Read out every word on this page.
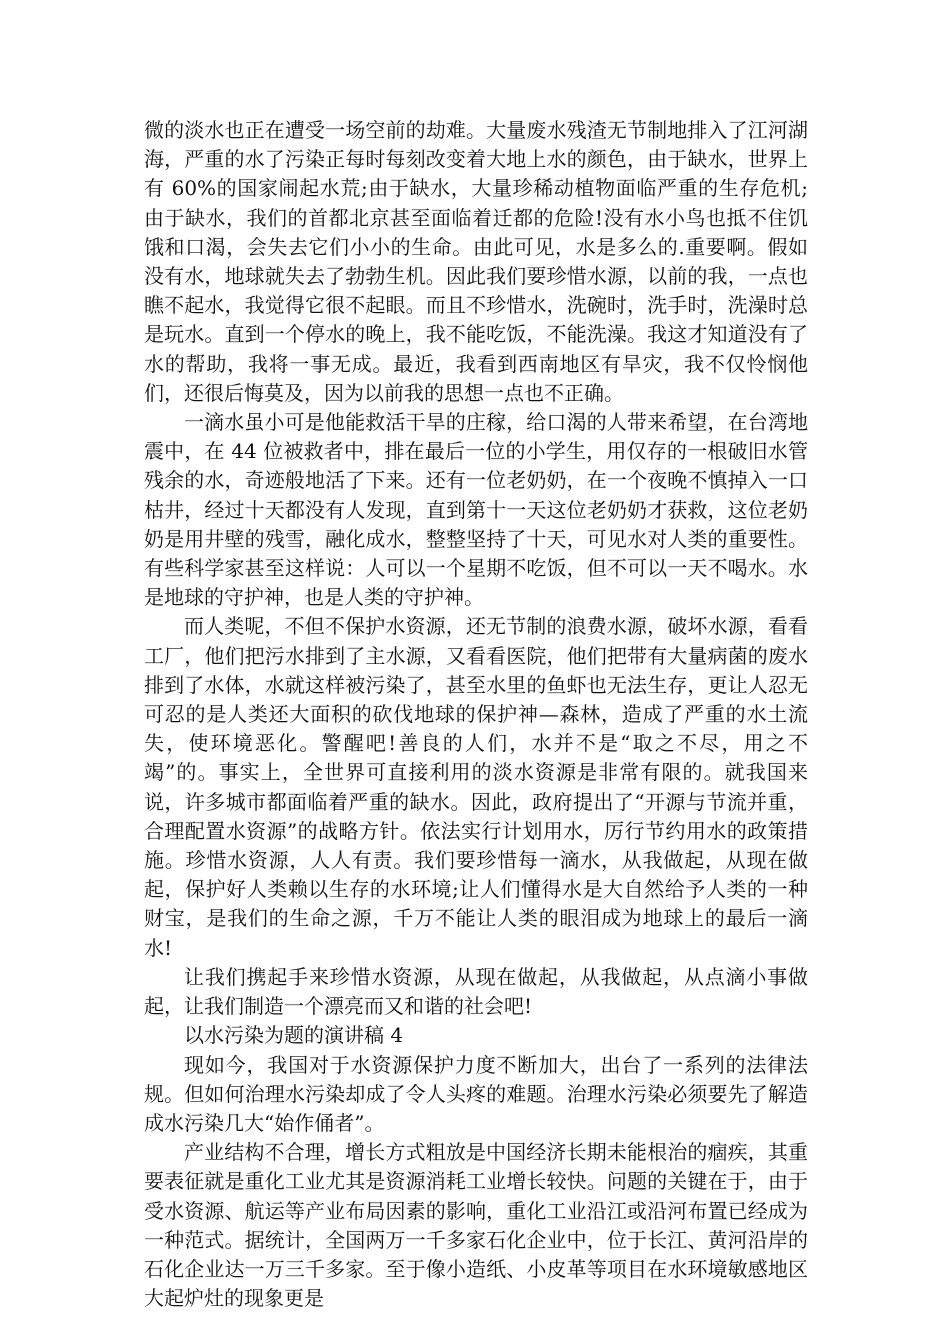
微的淡水也正在遭受一场空前的劫难。大量废水残渣无节制地排入了江河湖海，严重的水了污染正每时每刻改变着大地上水的颜色，由于缺水，世界上有 60%的国家闹起水荒;由于缺水，大量珍稀动植物面临严重的生存危机;由于缺水，我们的首都北京甚至面临着迁都的危险!没有水小鸟也抵不住饥饿和口渴，会失去它们小小的生命。由此可见，水是多么的.重要啊。假如没有水，地球就失去了勃勃生机。因此我们要珍惜水源，以前的我，一点也瞧不起水，我觉得它很不起眼。而且不珍惜水，洗碗时，洗手时，洗澡时总是玩水。直到一个停水的晚上，我不能吃饭，不能洗澡。我这才知道没有了水的帮助，我将一事无成。最近，我看到西南地区有旱灾，我不仅怜悯他们，还很后悔莫及，因为以前我的思想一点也不正确。

一滴水虽小可是他能救活干旱的庄稼，给口渴的人带来希望，在台湾地震中，在 44 位被救者中，排在最后一位的小学生，用仅存的一根破旧水管残余的水，奇迹般地活了下来。还有一位老奶奶，在一个夜晚不慎掉入一口枯井，经过十天都没有人发现，直到第十一天这位老奶奶才获救，这位老奶奶是用井壁的残雪，融化成水，整整坚持了十天，可见水对人类的重要性。有些科学家甚至这样说：人可以一个星期不吃饭，但不可以一天不喝水。水是地球的守护神，也是人类的守护神。

而人类呢，不但不保护水资源，还无节制的浪费水源，破坏水源，看看工厂，他们把污水排到了主水源，又看看医院，他们把带有大量病菌的废水排到了水体，水就这样被污染了，甚至水里的鱼虾也无法生存，更让人忍无可忍的是人类还大面积的砍伐地球的保护神—森林，造成了严重的水土流失，使环境恶化。警醒吧!善良的人们，水并不是“取之不尽，用之不竭”的。事实上，全世界可直接利用的淡水资源是非常有限的。就我国来说，许多城市都面临着严重的缺水。因此，政府提出了“开源与节流并重，合理配置水资源”的战略方针。依法实行计划用水，厉行节约用水的政策措施。珍惜水资源，人人有责。我们要珍惜每一滴水，从我做起，从现在做起，保护好人类赖以生存的水环境;让人们懂得水是大自然给予人类的一种财宝，是我们的生命之源，千万不能让人类的眼泪成为地球上的最后一滴水!

让我们携起手来珍惜水资源，从现在做起，从我做起，从点滴小事做起，让我们制造一个漂亮而又和谐的社会吧!

以水污染为题的演讲稿 4

现如今，我国对于水资源保护力度不断加大，出台了一系列的法律法规。但如何治理水污染却成了令人头疼的难题。治理水污染必须要先了解造成水污染几大“始作俑者”。

产业结构不合理，增长方式粗放是中国经济长期未能根治的痼疾，其重要表征就是重化工业尤其是资源消耗工业增长较快。问题的关键在于，由于受水资源、航运等产业布局因素的影响，重化工业沿江或沿河布置已经成为一种范式。据统计，全国两万一千多家石化企业中，位于长江、黄河沿岸的石化企业达一万三千多家。至于像小造纸、小皮革等项目在水环境敏感地区大起炉灶的现象更是
